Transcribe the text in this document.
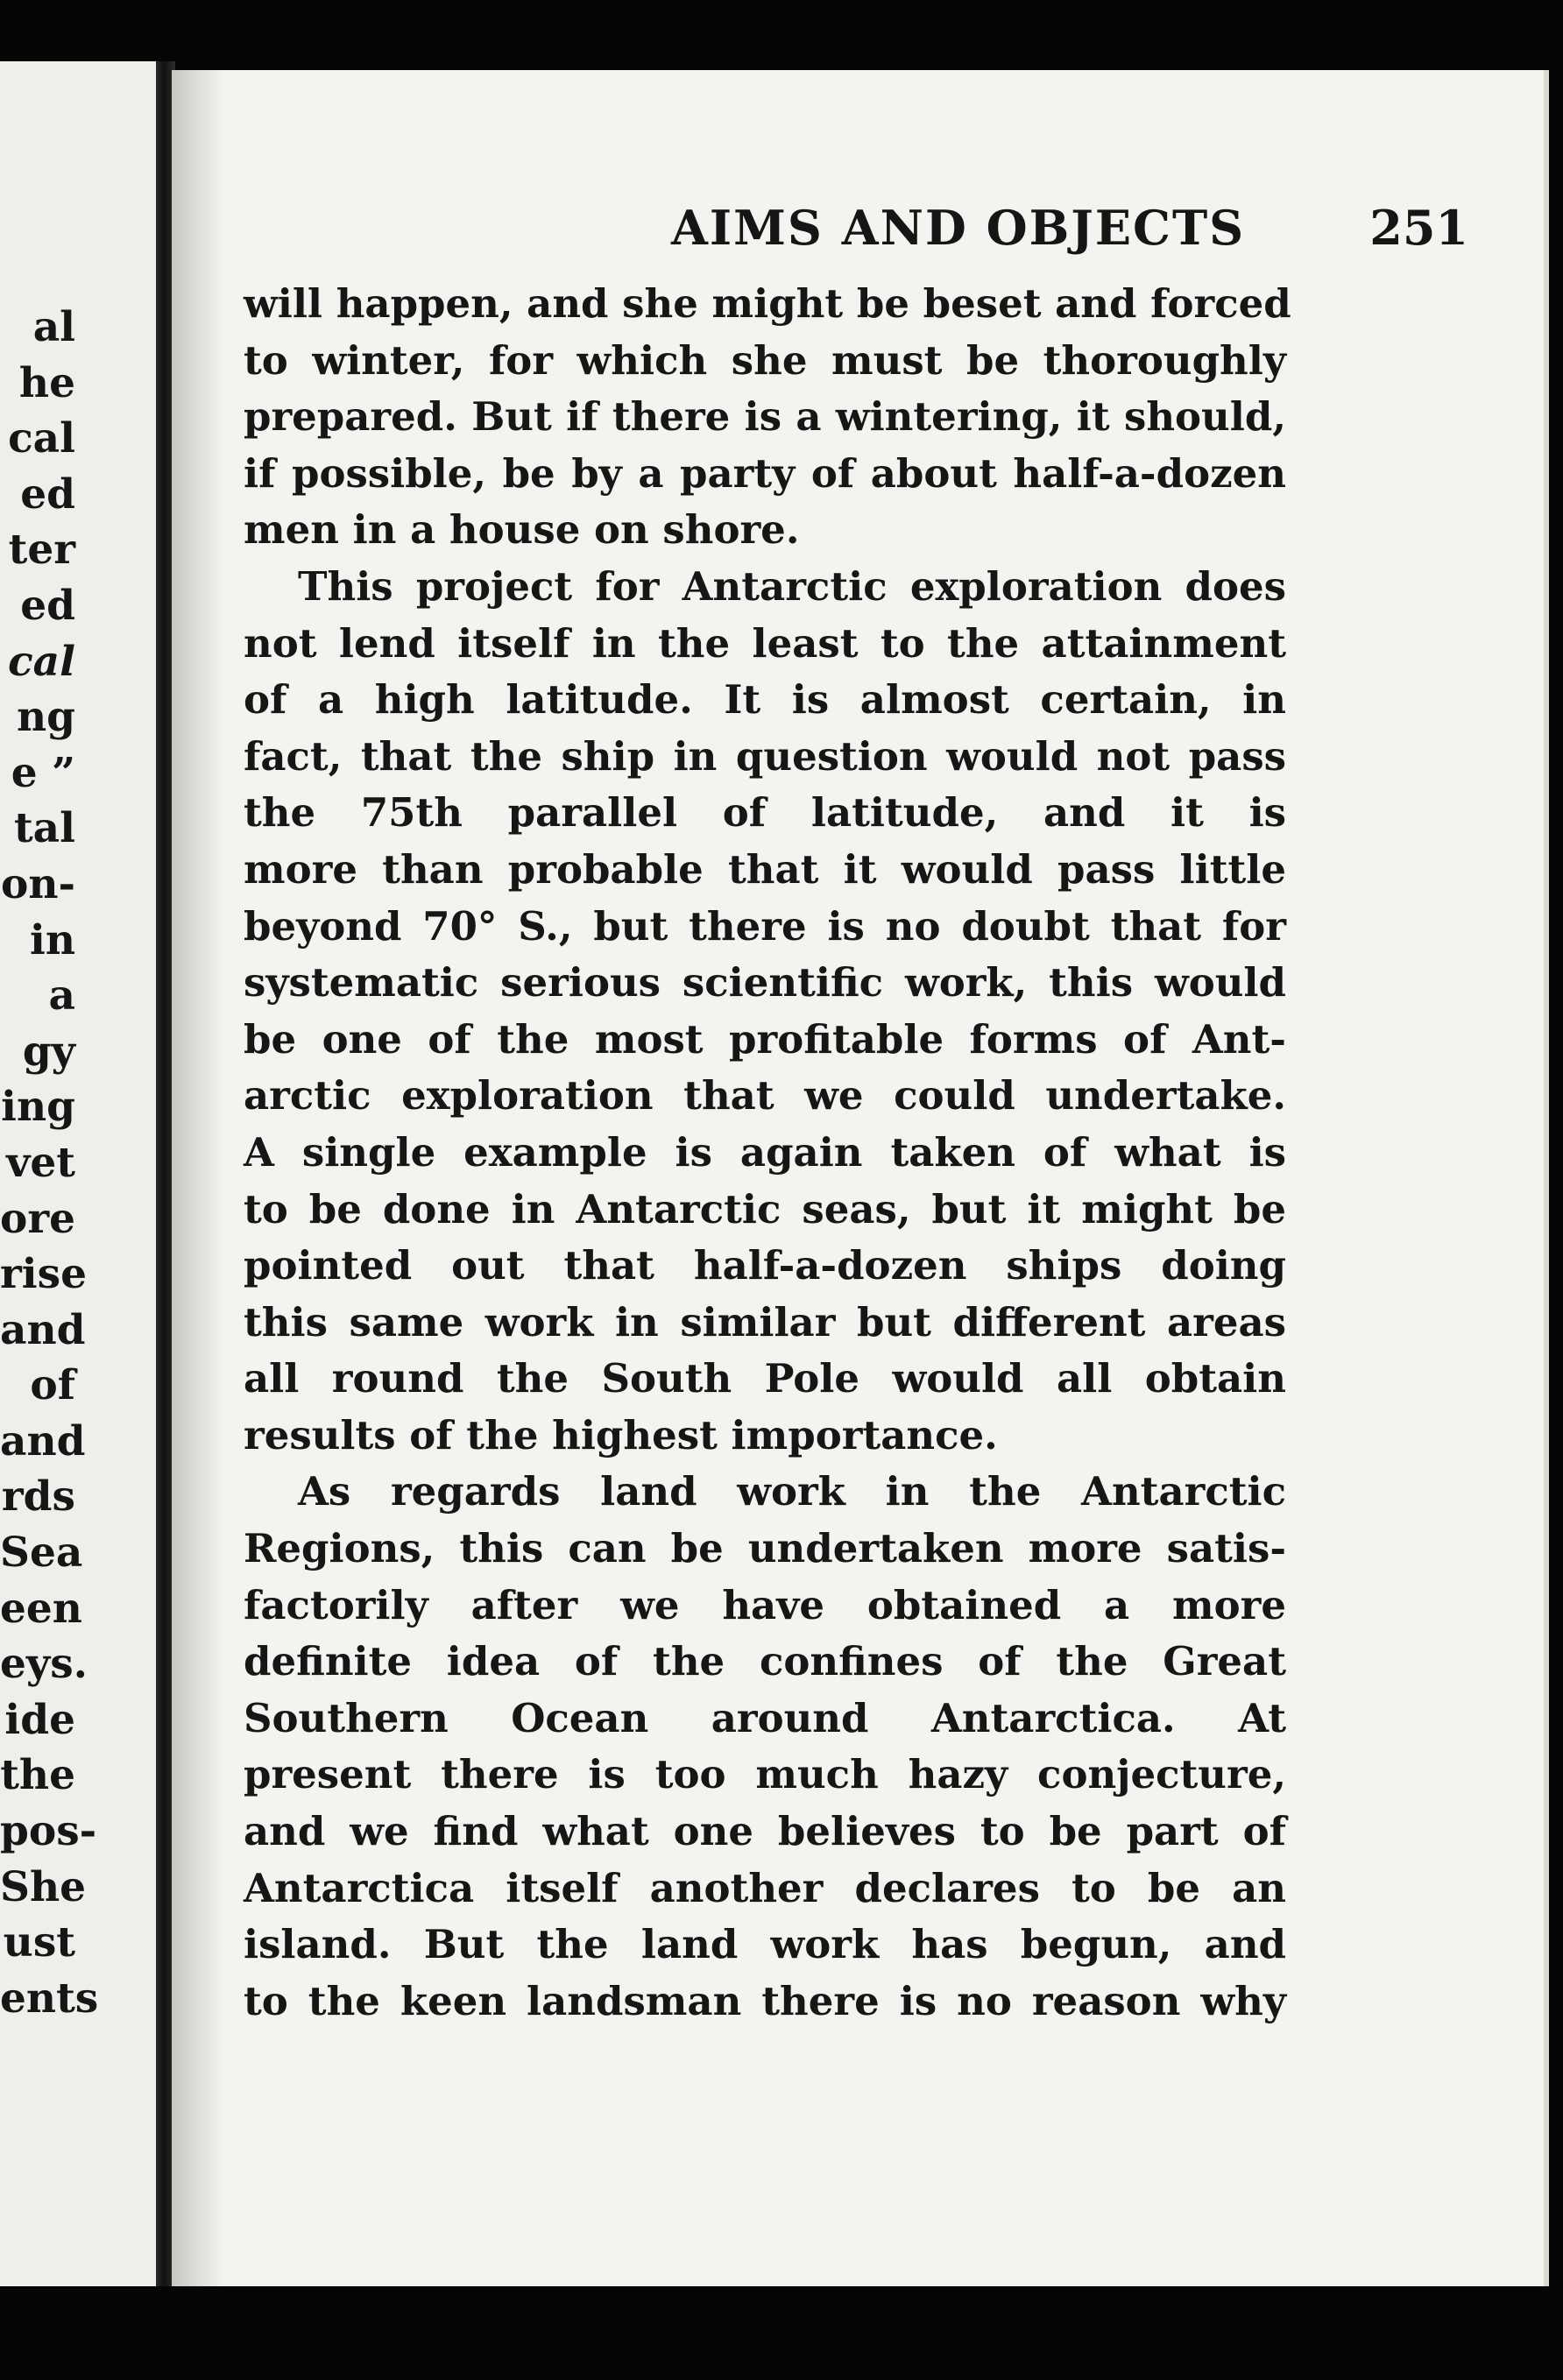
al
he
cal
ed
ter
ed
cal
ng
e ”
tal
on-
in
a
gy
ing
vet
ore
rise
and
of
and
rds
Sea
een
eys.
ide
the
pos-
She
ust
ents
AIMS AND OBJECTS	251
will happen, and she might be beset and forced
to winter, for which she must be thoroughly
prepared. But if there is a wintering, it should,
if possible, be by a party of about half-a-dozen
men in a house on shore.
This project for Antarctic exploration does
not lend itself in the least to the attainment
of a high latitude. It is almost certain, in
fact, that the ship in question would not pass
the 75th parallel of latitude, and it is
more than probable that it would pass little
beyond 70° S., but there is no doubt that for
systematic serious scientific work, this would
be one of the most profitable forms of Ant-
arctic exploration that we could undertake.
A single example is again taken of what is
to be done in Antarctic seas, but it might be
pointed out that half-a-dozen ships doing
this same work in similar but different areas
all round the South Pole would all obtain
results of the highest importance.
As regards land work in the Antarctic
Regions, this can be undertaken more satis-
factorily after we have obtained a more
definite idea of the confines of the Great
Southern Ocean around Antarctica. At
present there is too much hazy conjecture,
and we find what one believes to be part of
Antarctica itself another declares to be an
island. But the land work has begun, and
to the keen landsman there is no reason why
